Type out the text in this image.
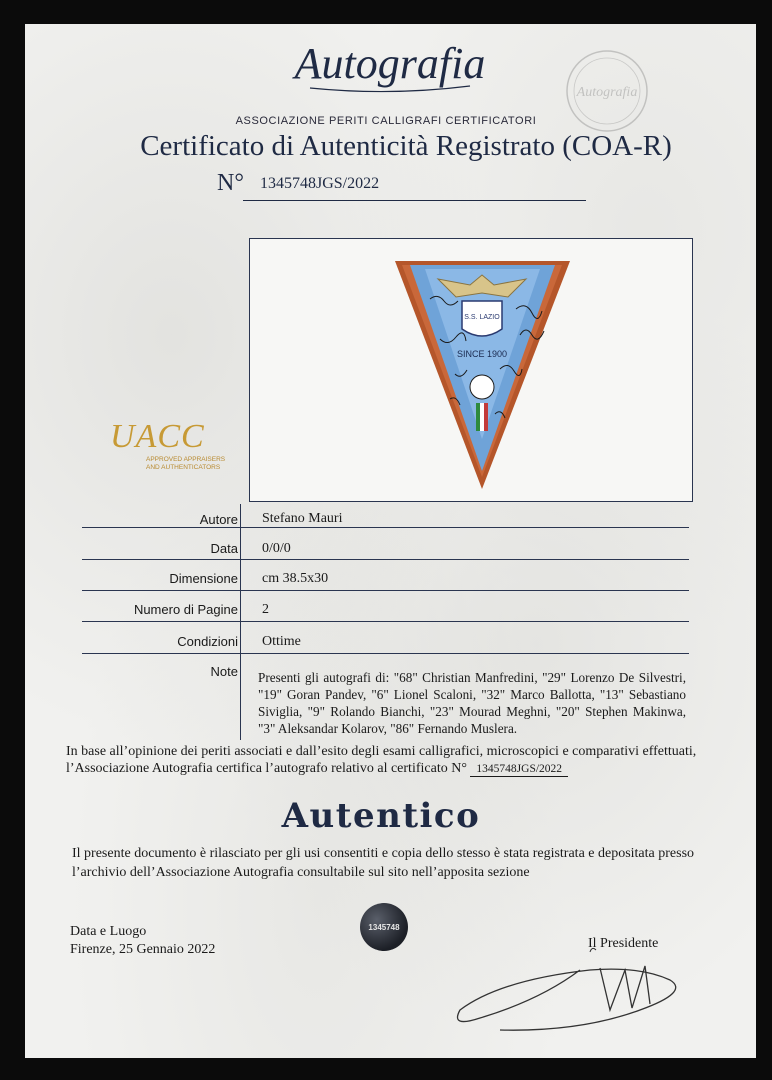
Autografia
Autografia
ASSOCIAZIONE PERITI CALLIGRAFI CERTIFICATORI
Certificato di Autenticità Registrato (COA-R)
N° 1345748JGS/2022
S.S. LAZIO
SINCE 1900
UACC
APPROVED APPRAISERS
AND AUTHENTICATORS
Autore Stefano Mauri
Data 0/0/0
Dimensione cm 38.5x30
Numero di Pagine 2
Condizioni Ottime
Note Presenti gli autografi di: "68" Christian Manfredini, "29" Lorenzo De Silvestri, "19" Goran Pandev, "6" Lionel Scaloni, "32" Marco Ballotta, "13" Sebastiano Siviglia, "9" Rolando Bianchi, "23" Mourad Meghni, "20" Stephen Makinwa, "3" Aleksandar Kolarov, "86" Fernando Muslera.
In base all’opinione dei periti associati e dall’esito degli esami calligrafici, microscopici e comparativi effettuati, l’Associazione Autografia certifica l’autografo relativo al certificato N° 1345748JGS/2022
Autentico
Il presente documento è rilasciato per gli usi consentiti e copia dello stesso è stata registrata e depositata presso l’archivio dell’Associazione Autografia consultabile sul sito nell’apposita sezione
Data e Luogo
Firenze, 25 Gennaio 2022
1345748
Il Presidente
